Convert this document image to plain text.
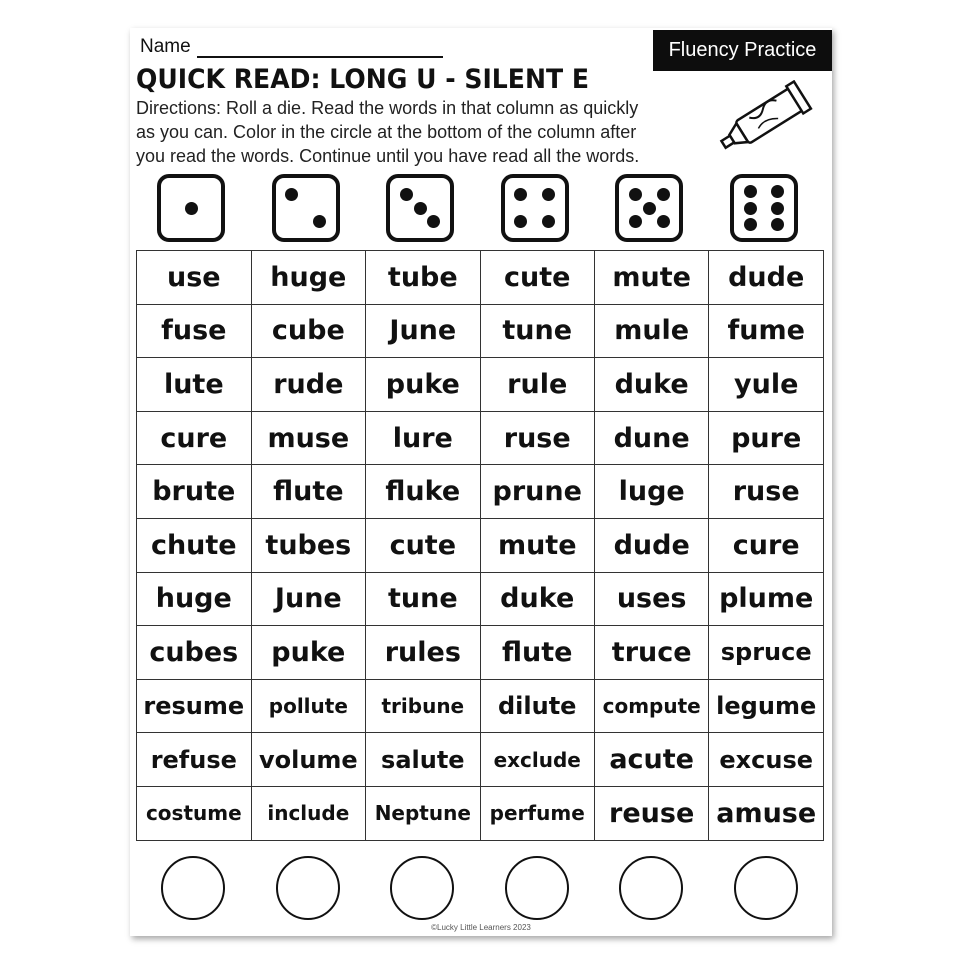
Name	Fluency Practice
QUICK READ: LONG U - SILENT E
Directions: Roll a die. Read the words in that column as quickly
as you can. Color in the circle at the bottom of the column after
you read the words. Continue until you have read all the words.
use	huge	tube	cute	mute	dude
fuse	cube	June	tune	mule	fume
lute	rude	puke	rule	duke	yule
cure	muse	lure	ruse	dune	pure
brute	flute	fluke	prune	luge	ruse
chute	tubes	cute	mute	dude	cure
huge	June	tune	duke	uses	plume
cubes	puke	rules	flute	truce	spruce
resume	pollute	tribune	dilute	compute	legume
refuse	volume	salute	exclude	acute	excuse
costume	include	Neptune	perfume	reuse	amuse
©Lucky Little Learners 2023
